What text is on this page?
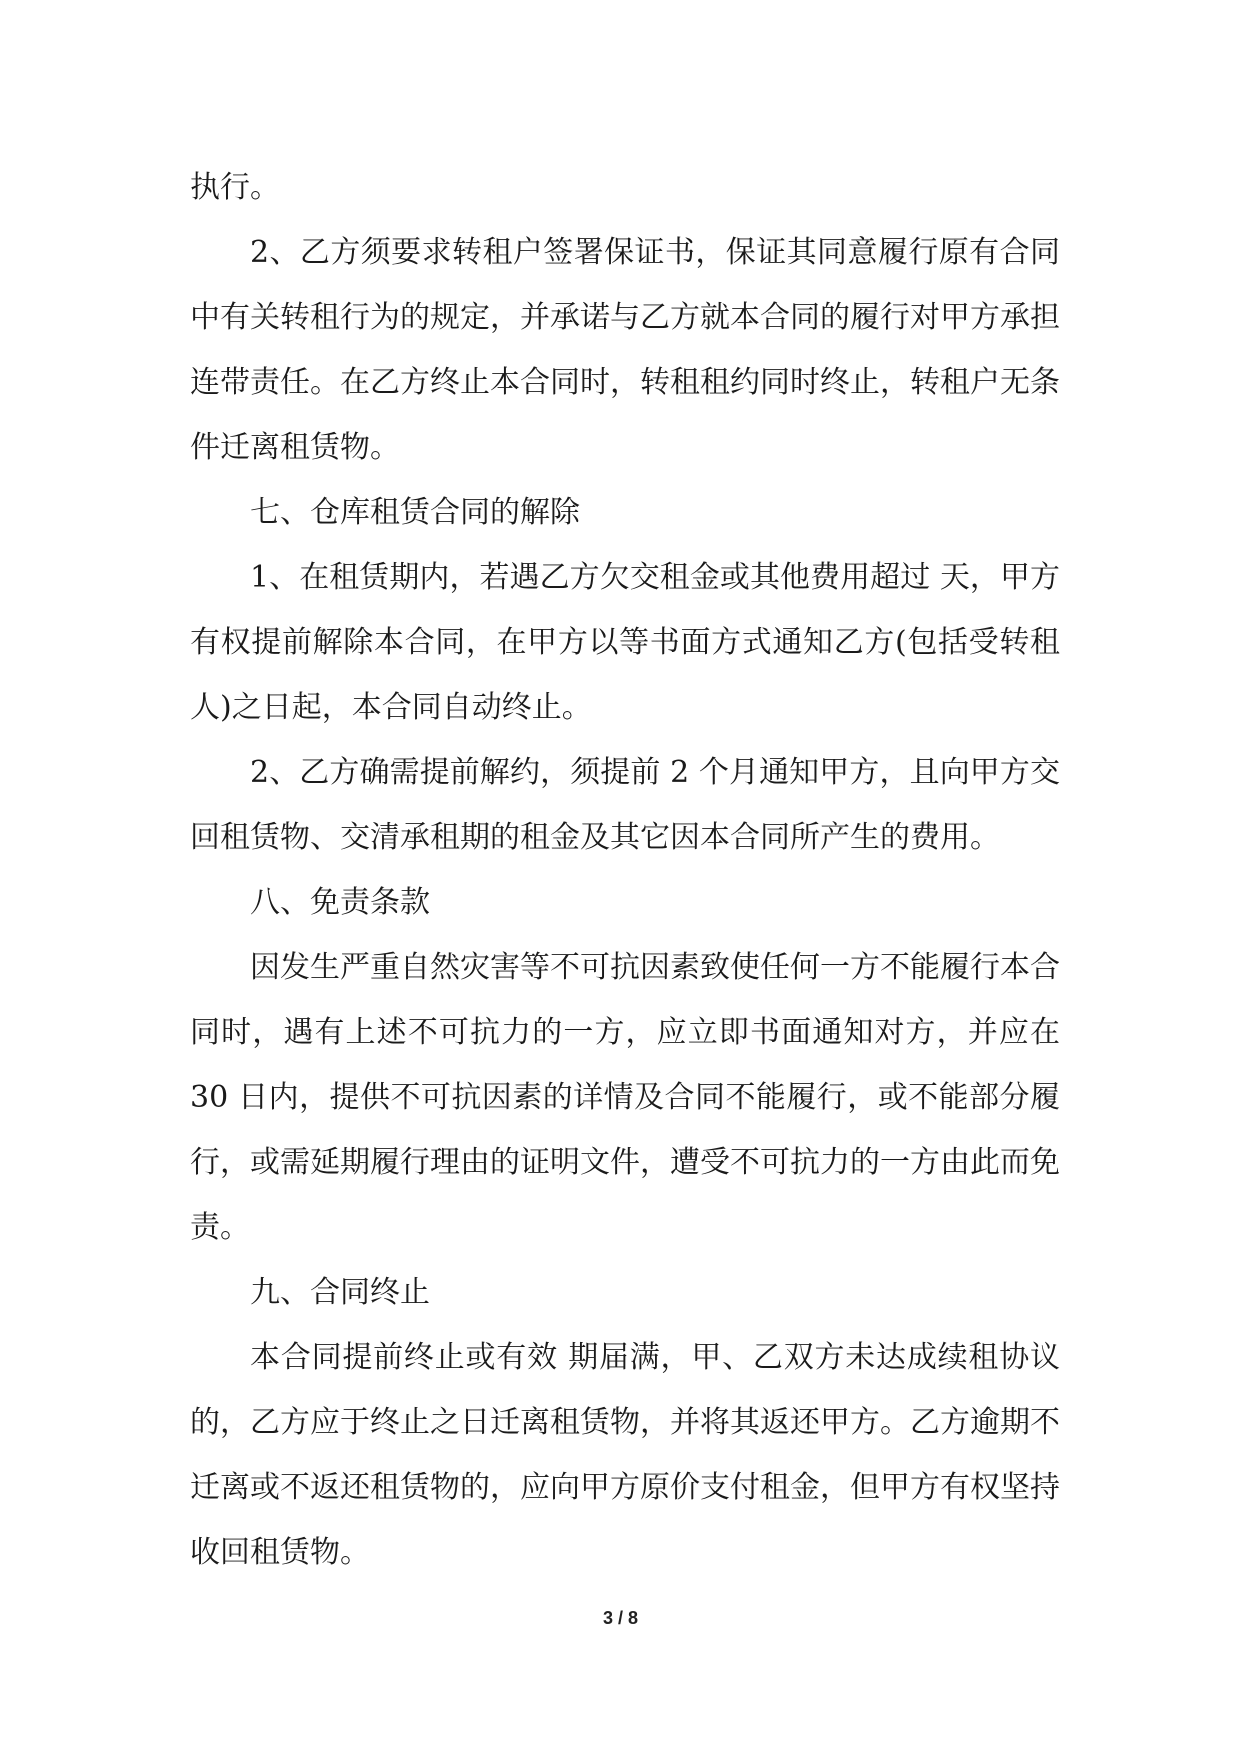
执行。

2、乙方须要求转租户签署保证书，保证其同意履行原有合同中有关转租行为的规定，并承诺与乙方就本合同的履行对甲方承担连带责任。在乙方终止本合同时，转租租约同时终止，转租户无条件迁离租赁物。

七、仓库租赁合同的解除

1、在租赁期内，若遇乙方欠交租金或其他费用超过 天，甲方有权提前解除本合同，在甲方以等书面方式通知乙方(包括受转租人)之日起，本合同自动终止。

2、乙方确需提前解约，须提前 2 个月通知甲方，且向甲方交回租赁物、交清承租期的租金及其它因本合同所产生的费用。

八、免责条款

因发生严重自然灾害等不可抗因素致使任何一方不能履行本合同时，遇有上述不可抗力的一方，应立即书面通知对方，并应在 30 日内，提供不可抗因素的详情及合同不能履行，或不能部分履行，或需延期履行理由的证明文件，遭受不可抗力的一方由此而免责。

九、合同终止

本合同提前终止或有效 期届满，甲、乙双方未达成续租协议的，乙方应于终止之日迁离租赁物，并将其返还甲方。乙方逾期不迁离或不返还租赁物的，应向甲方原价支付租金，但甲方有权坚持收回租赁物。

3 / 8
